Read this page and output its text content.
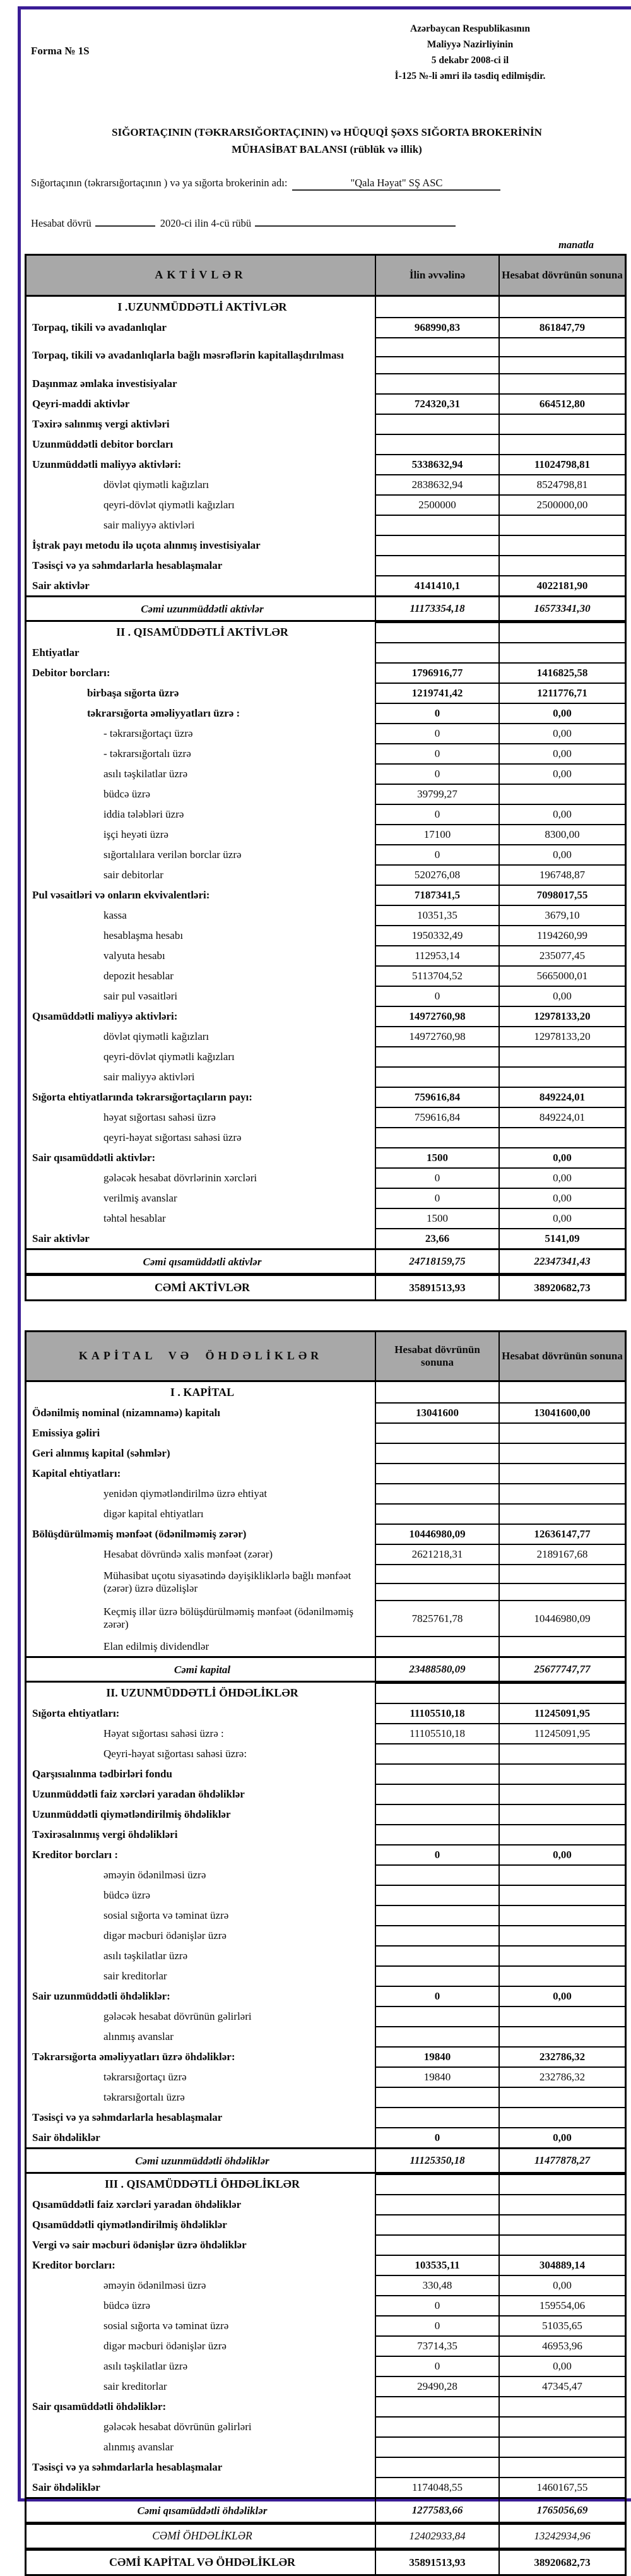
Forma № 1S
Azərbaycan Respublikasının
Maliyyə Nazirliyinin
5 dekabr 2008-ci il
İ-125 №-li əmri ilə təsdiq edilmişdir.
SIĞORTAÇININ (TƏKRARSIĞORTAÇININ) və HÜQUQİ ŞƏXS SIĞORTA BROKERİNİN
MÜHASİBAT BALANSI (rüblük və illik)
Sığortaçının (təkrarsığortaçının ) və ya sığorta brokerinin adı:	"Qala Həyat" SŞ ASC
Hesabat dövrü	2020-ci ilin 4-cü rübü
manatla
AKTİVLƏR	İlin əvvəlinə	Hesabat dövrünün sonuna
I .UZUNMÜDDƏTLİ AKTİVLƏR
Torpaq, tikili və avadanlıqlar	968990,83	861847,79
Torpaq, tikili və avadanlıqlarla bağlı məsrəflərin kapitallaşdırılması
Daşınmaz əmlaka investisiyalar
Qeyri-maddi aktivlər	724320,31	664512,80
Təxirə salınmış vergi aktivləri
Uzunmüddətli debitor borcları
Uzunmüddətli maliyyə aktivləri:	5338632,94	11024798,81
dövlət qiymətli kağızları	2838632,94	8524798,81
qeyri-dövlət qiymətli kağızları	2500000	2500000,00
sair maliyyə aktivləri
İştrak payı metodu ilə uçota alınmış investisiyalar
Təsisçi və ya səhmdarlarla hesablaşmalar
Sair aktivlər	4141410,1	4022181,90
Cəmi uzunmüddətli aktivlər	11173354,18	16573341,30
II . QISAMÜDDƏTLİ AKTİVLƏR
Ehtiyatlar
Debitor borcları:	1796916,77	1416825,58
birbaşa sığorta üzrə	1219741,42	1211776,71
təkrarsığorta əməliyyatları üzrə :	0	0,00
- təkrarsığortaçı üzrə	0	0,00
- təkrarsığortalı üzrə	0	0,00
asılı təşkilatlar üzrə	0	0,00
büdcə üzrə	39799,27
iddia tələbləri üzrə	0	0,00
işçi heyəti üzrə	17100	8300,00
sığortalılara verilən borclar üzrə	0	0,00
sair debitorlar	520276,08	196748,87
Pul vəsaitləri və onların ekvivalentləri:	7187341,5	7098017,55
kassa	10351,35	3679,10
hesablaşma hesabı	1950332,49	1194260,99
valyuta hesabı	112953,14	235077,45
depozit hesablar	5113704,52	5665000,01
sair pul vəsaitləri	0	0,00
Qısamüddətli maliyyə aktivləri:	14972760,98	12978133,20
dövlət qiymətli kağızları	14972760,98	12978133,20
qeyri-dövlət qiymətli kağızları
sair maliyyə aktivləri
Sığorta ehtiyatlarında təkrarsığortaçıların payı:	759616,84	849224,01
həyat sığortası sahəsi üzrə	759616,84	849224,01
qeyri-həyat sığortası sahəsi üzrə
Sair qısamüddətli aktivlər:	1500	0,00
gələcək hesabat dövrlərinin xərcləri	0	0,00
verilmiş avanslar	0	0,00
təhtəl hesablar	1500	0,00
Sair aktivlər	23,66	5141,09
Cəmi qısamüddətli aktivlər	24718159,75	22347341,43
CƏMİ AKTİVLƏR	35891513,93	38920682,73
KAPİTAL VƏ ÖHDƏLİKLƏR
Hesabat dövrünün sonuna
Hesabat dövrünün sonuna
I . KAPİTAL
Ödənilmiş nominal (nizamnamə) kapitalı	13041600	13041600,00
Emissiya gəliri
Geri alınmış kapital (səhmlər)
Kapital ehtiyatları:
yenidən qiymətləndirilmə üzrə ehtiyat
digər kapital ehtiyatları
Bölüşdürülməmiş mənfəət (ödənilməmiş zərər)	10446980,09	12636147,77
Hesabat dövründə xalis mənfəət (zərər)	2621218,31	2189167,68
Mühasibat uçotu siyasətində dəyişikliklərlə bağlı mənfəət (zərər) üzrə düzəlişlər
Keçmiş illər üzrə bölüşdürülməmiş mənfəət (ödənilməmiş zərər)	7825761,78	10446980,09
Elan edilmiş dividendlər
Cəmi kapital	23488580,09	25677747,77
II. UZUNMÜDDƏTLİ ÖHDƏLİKLƏR
Sığorta ehtiyatları:	11105510,18	11245091,95
Həyat sığortası sahəsi üzrə :	11105510,18	11245091,95
Qeyri-həyat sığortası sahəsi üzrə:
Qarşısıalınma tədbirləri fondu
Uzunmüddətli faiz xərcləri yaradan öhdəliklər
Uzunmüddətli qiymətləndirilmiş öhdəliklər
Təxirəsalınmış vergi öhdəlikləri
Kreditor borcları :	0	0,00
əməyin ödənilməsi üzrə
büdcə üzrə
sosial sığorta və təminat üzrə
digər məcburi ödənişlər üzrə
asılı təşkilatlar üzrə
sair kreditorlar
Sair uzunmüddətli öhdəliklər:	0	0,00
gələcək hesabat dövrünün gəlirləri
alınmış avanslar
Təkrarsığorta əməliyyatları üzrə öhdəliklər:	19840	232786,32
təkrarsığortaçı üzrə	19840	232786,32
təkrarsığortalı üzrə
Təsisçi və ya səhmdarlarla hesablaşmalar
Sair öhdəliklər	0	0,00
Cəmi uzunmüddətli öhdəliklər	11125350,18	11477878,27
III . QISAMÜDDƏTLİ ÖHDƏLİKLƏR
Qısamüddətli faiz xərcləri yaradan öhdəliklər
Qısamüddətli qiymətləndirilmiş öhdəliklər
Vergi və sair məcburi ödənişlər üzrə öhdəliklər
Kreditor borcları:	103535,11	304889,14
əməyin ödənilməsi üzrə	330,48	0,00
büdcə üzrə	0	159554,06
sosial sığorta və təminat üzrə	0	51035,65
digər məcburi ödənişlər üzrə	73714,35	46953,96
asılı təşkilatlar üzrə	0	0,00
sair kreditorlar	29490,28	47345,47
Sair qısamüddətli öhdəliklər:
gələcək hesabat dövrünün gəlirləri
alınmış avanslar
Təsisçi və ya səhmdarlarla hesablaşmalar
Sair öhdəliklər	1174048,55	1460167,55
Cəmi qısamüddətli öhdəliklər	1277583,66	1765056,69
CƏMİ ÖHDƏLİKLƏR	12402933,84	13242934,96
CƏMİ KAPİTAL VƏ ÖHDƏLİKLƏR	35891513,93	38920682,73
